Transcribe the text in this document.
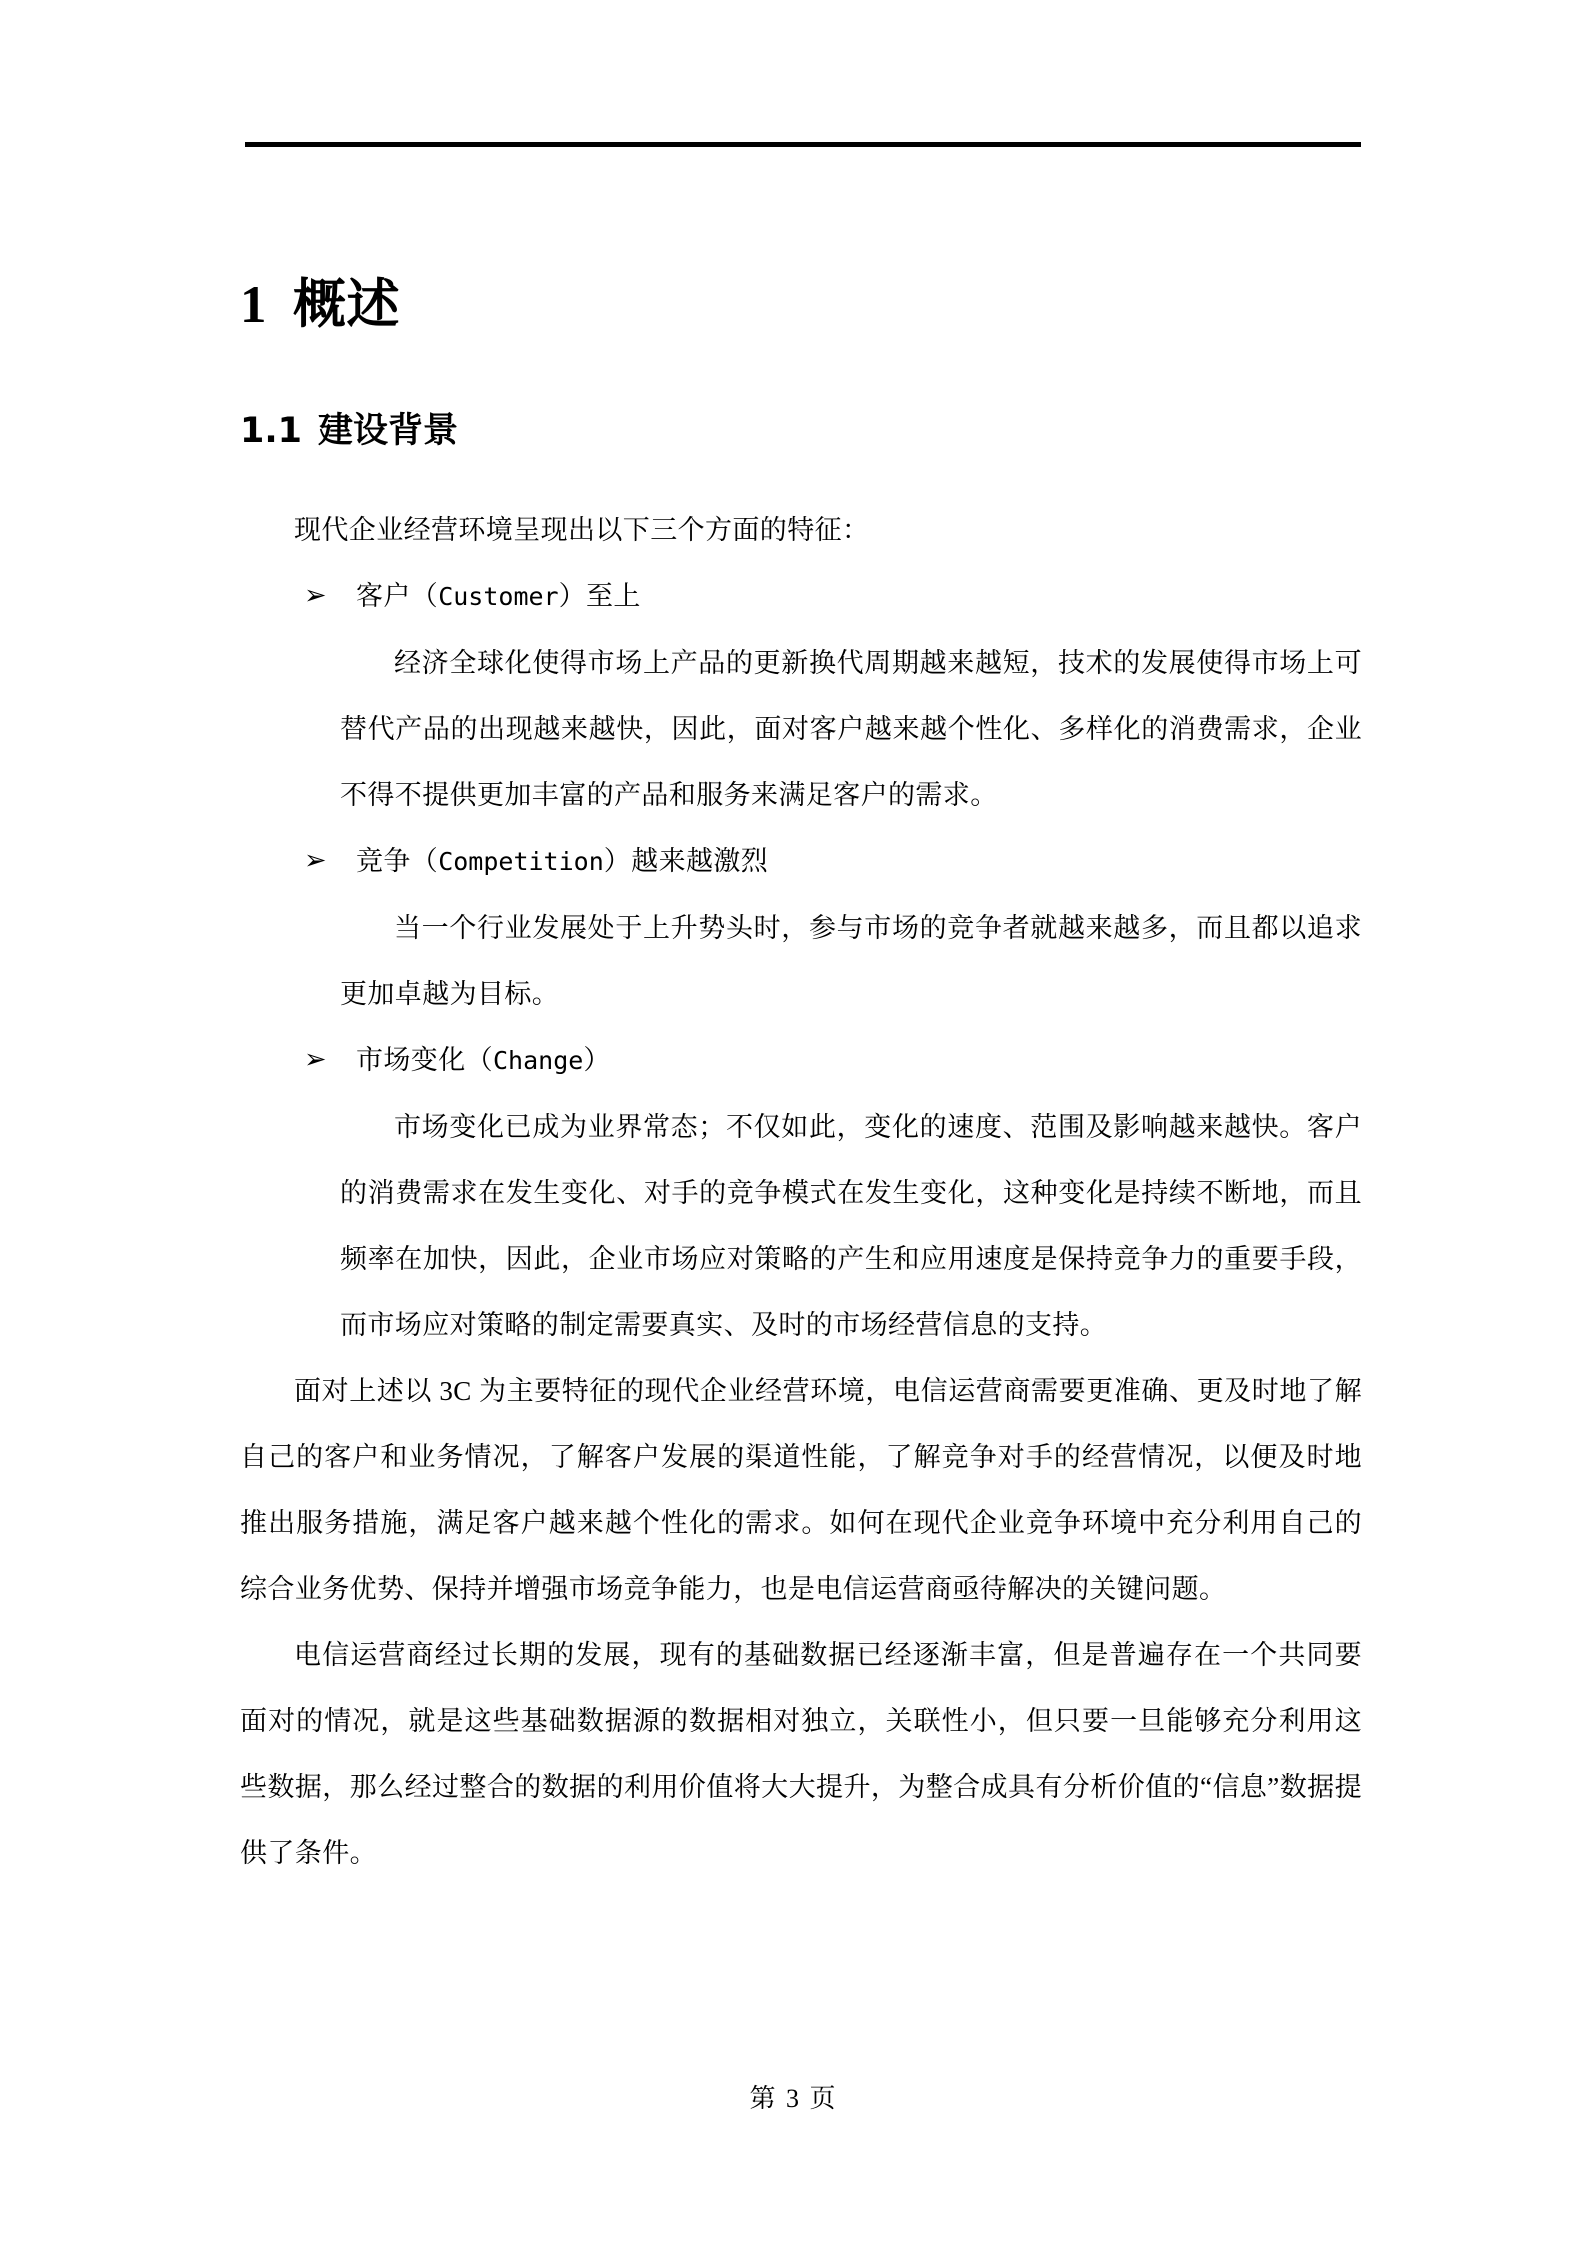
1 概述
1.1 建设背景

现代企业经营环境呈现出以下三个方面的特征：

➢ 客户（Customer）至上

经济全球化使得市场上产品的更新换代周期越来越短，技术的发展使得市场上可替代产品的出现越来越快，因此，面对客户越来越个性化、多样化的消费需求，企业不得不提供更加丰富的产品和服务来满足客户的需求。

➢ 竞争（Competition）越来越激烈

当一个行业发展处于上升势头时，参与市场的竞争者就越来越多，而且都以追求更加卓越为目标。

➢ 市场变化（Change）

市场变化已成为业界常态；不仅如此，变化的速度、范围及影响越来越快。客户的消费需求在发生变化、对手的竞争模式在发生变化，这种变化是持续不断地，而且频率在加快，因此，企业市场应对策略的产生和应用速度是保持竞争力的重要手段，而市场应对策略的制定需要真实、及时的市场经营信息的支持。

面对上述以 3C 为主要特征的现代企业经营环境，电信运营商需要更准确、更及时地了解自己的客户和业务情况，了解客户发展的渠道性能，了解竞争对手的经营情况，以便及时地推出服务措施，满足客户越来越个性化的需求。如何在现代企业竞争环境中充分利用自己的综合业务优势、保持并增强市场竞争能力，也是电信运营商亟待解决的关键问题。

电信运营商经过长期的发展，现有的基础数据已经逐渐丰富，但是普遍存在一个共同要面对的情况，就是这些基础数据源的数据相对独立，关联性小，但只要一旦能够充分利用这些数据，那么经过整合的数据的利用价值将大大提升，为整合成具有分析价值的“信息”数据提供了条件。

第 3 页
